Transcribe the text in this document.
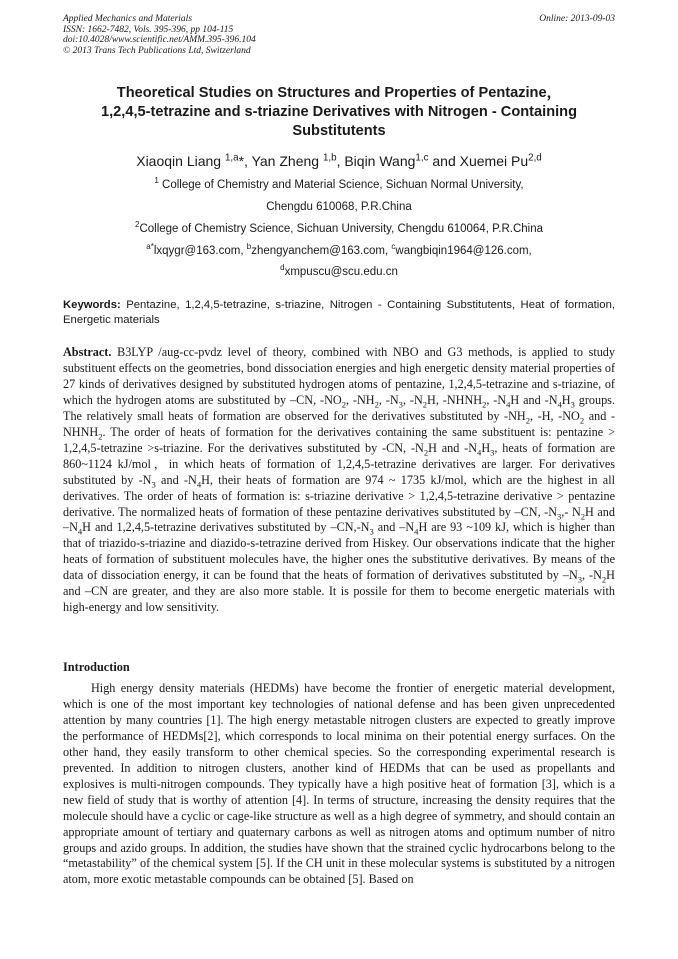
Applied Mechanics and Materials
ISSN: 1662-7482, Vols. 395-396, pp 104-115
doi:10.4028/www.scientific.net/AMM.395-396.104
© 2013 Trans Tech Publications Ltd, Switzerland
Online: 2013-09-03
Theoretical Studies on Structures and Properties of Pentazine，
1,2,4,5-tetrazine and s-triazine Derivatives with Nitrogen - Containing
Substitutents
Xiaoqin Liang $^{1,a}$*, Yan Zheng $^{1,b}$, Biqin Wang$^{1,c}$ and Xuemei Pu$^{2,d}$
$^1$ College of Chemistry and Material Science, Sichuan Normal University,
Chengdu 610068, P.R.China
$^2$College of Chemistry Science, Sichuan University, Chengdu 610064, P.R.China
$^{a*}$lxqygr@163.com, $^b$zhengyanchem@163.com, $^c$wangbiqin1964@126.com,
$^d$xmpuscu@scu.edu.cn
Keywords: Pentazine, 1,2,4,5-tetrazine, s-triazine, Nitrogen - Containing Substitutents, Heat of formation, Energetic materials
Abstract. B3LYP /aug-cc-pvdz level of theory, combined with NBO and G3 methods, is applied to study substituent effects on the geometries, bond dissociation energies and high energetic density material properties of 27 kinds of derivatives designed by substituted hydrogen atoms of pentazine, 1,2,4,5-tetrazine and s-triazine, of which the hydrogen atoms are substituted by –CN, $-NO_2$, $-NH_2$, $-N_3$, $-N_2H$, $-NHNH_2$, $-N_4H$ and $-N_4H_3$ groups. The relatively small heats of formation are observed for the derivatives substituted by $-NH_2$, -H, $-NO_2$ and $-NHNH_2$. The order of heats of formation for the derivatives containing the same substituent is: pentazine > 1,2,4,5-tetrazine >s-triazine. For the derivatives substituted by -CN, $-N_2H$ and $-N_4H_3$, heats of formation are 860~1124 kJ/mol，in which heats of formation of 1,2,4,5-tetrazine derivatives are larger. For derivatives substituted by $-N_3$ and $-N_4H$, their heats of formation are 974 ~ 1735 kJ/mol, which are the highest in all derivatives. The order of heats of formation is: s-triazine derivative > 1,2,4,5-tetrazine derivative > pentazine derivative. The normalized heats of formation of these pentazine derivatives substituted by –CN, $-N_3,-$ $N_2H$ and $-N_4H$ and 1,2,4,5-tetrazine derivatives substituted by $-CN,-N_3$ and $-N_4H$ are 93 ~109 kJ, which is higher than that of triazido-s-triazine and diazido-s-tetrazine derived from Hiskey. Our observations indicate that the higher heats of formation of substituent molecules have, the higher ones the substitutive derivatives. By means of the data of dissociation energy, it can be found that the heats of formation of derivatives substituted by $-N_3$, $-N_2H$ and –CN are greater, and they are also more stable. It is possile for them to become energetic materials with high-energy and low sensitivity.
Introduction
High energy density materials (HEDMs) have become the frontier of energetic material development, which is one of the most important key technologies of national defense and has been given unprecedented attention by many countries [1]. The high energy metastable nitrogen clusters are expected to greatly improve the performance of HEDMs[2], which corresponds to local minima on their potential energy surfaces. On the other hand, they easily transform to other chemical species. So the corresponding experimental research is prevented. In addition to nitrogen clusters, another kind of HEDMs that can be used as propellants and explosives is multi-nitrogen compounds. They typically have a high positive heat of formation [3], which is a new field of study that is worthy of attention [4]. In terms of structure, increasing the density requires that the molecule should have a cyclic or cage-like structure as well as a high degree of symmetry, and should contain an appropriate amount of tertiary and quaternary carbons as well as nitrogen atoms and optimum number of nitro groups and azido groups. In addition, the studies have shown that the strained cyclic hydrocarbons belong to the “metastability” of the chemical system [5]. If the CH unit in these molecular systems is substituted by a nitrogen atom, more exotic metastable compounds can be obtained [5]. Based on
